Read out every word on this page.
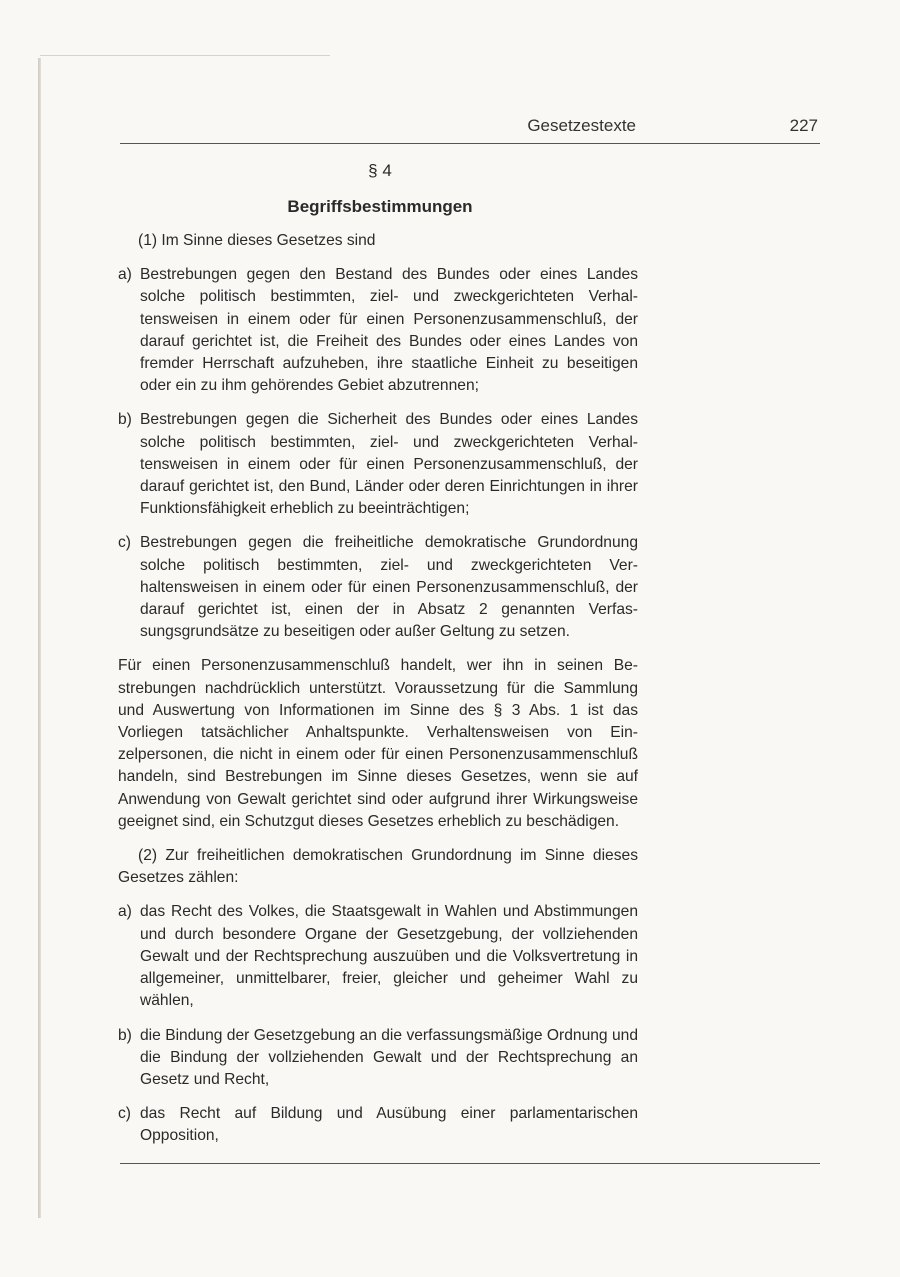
Gesetzestexte	227
§ 4
Begriffsbestimmungen

(1) Im Sinne dieses Gesetzes sind

a) Bestrebungen gegen den Bestand des Bundes oder eines Landes solche politisch bestimmten, ziel- und zweckgerichteten Verhaltensweisen in einem oder für einen Personenzusammenschluß, der darauf gerichtet ist, die Freiheit des Bundes oder eines Landes von fremder Herrschaft aufzuheben, ihre staatliche Einheit zu beseitigen oder ein zu ihm gehörendes Gebiet abzutrennen;
b) Bestrebungen gegen die Sicherheit des Bundes oder eines Landes solche politisch bestimmten, ziel- und zweckgerichteten Verhaltensweisen in einem oder für einen Personenzusammenschluß, der darauf gerichtet ist, den Bund, Länder oder deren Einrichtungen in ihrer Funktionsfähigkeit erheblich zu beeinträchtigen;
c) Bestrebungen gegen die freiheitliche demokratische Grundordnung solche politisch bestimmten, ziel- und zweckgerichteten Verhaltensweisen in einem oder für einen Personenzusammenschluß, der darauf gerichtet ist, einen der in Absatz 2 genannten Verfassungsgrundsätze zu beseitigen oder außer Geltung zu setzen.

Für einen Personenzusammenschluß handelt, wer ihn in seinen Bestrebungen nachdrücklich unterstützt. Voraussetzung für die Sammlung und Auswertung von Informationen im Sinne des § 3 Abs. 1 ist das Vorliegen tatsächlicher Anhaltspunkte. Verhaltensweisen von Einzelpersonen, die nicht in einem oder für einen Personenzusammenschluß handeln, sind Bestrebungen im Sinne dieses Gesetzes, wenn sie auf Anwendung von Gewalt gerichtet sind oder aufgrund ihrer Wirkungsweise geeignet sind, ein Schutzgut dieses Gesetzes erheblich zu beschädigen.

(2) Zur freiheitlichen demokratischen Grundordnung im Sinne dieses Gesetzes zählen:

a) das Recht des Volkes, die Staatsgewalt in Wahlen und Abstimmungen und durch besondere Organe der Gesetzgebung, der vollziehenden Gewalt und der Rechtsprechung auszuüben und die Volksvertretung in allgemeiner, unmittelbarer, freier, gleicher und geheimer Wahl zu wählen,
b) die Bindung der Gesetzgebung an die verfassungsmäßige Ordnung und die Bindung der vollziehenden Gewalt und der Rechtsprechung an Gesetz und Recht,
c) das Recht auf Bildung und Ausübung einer parlamentarischen Opposition,
